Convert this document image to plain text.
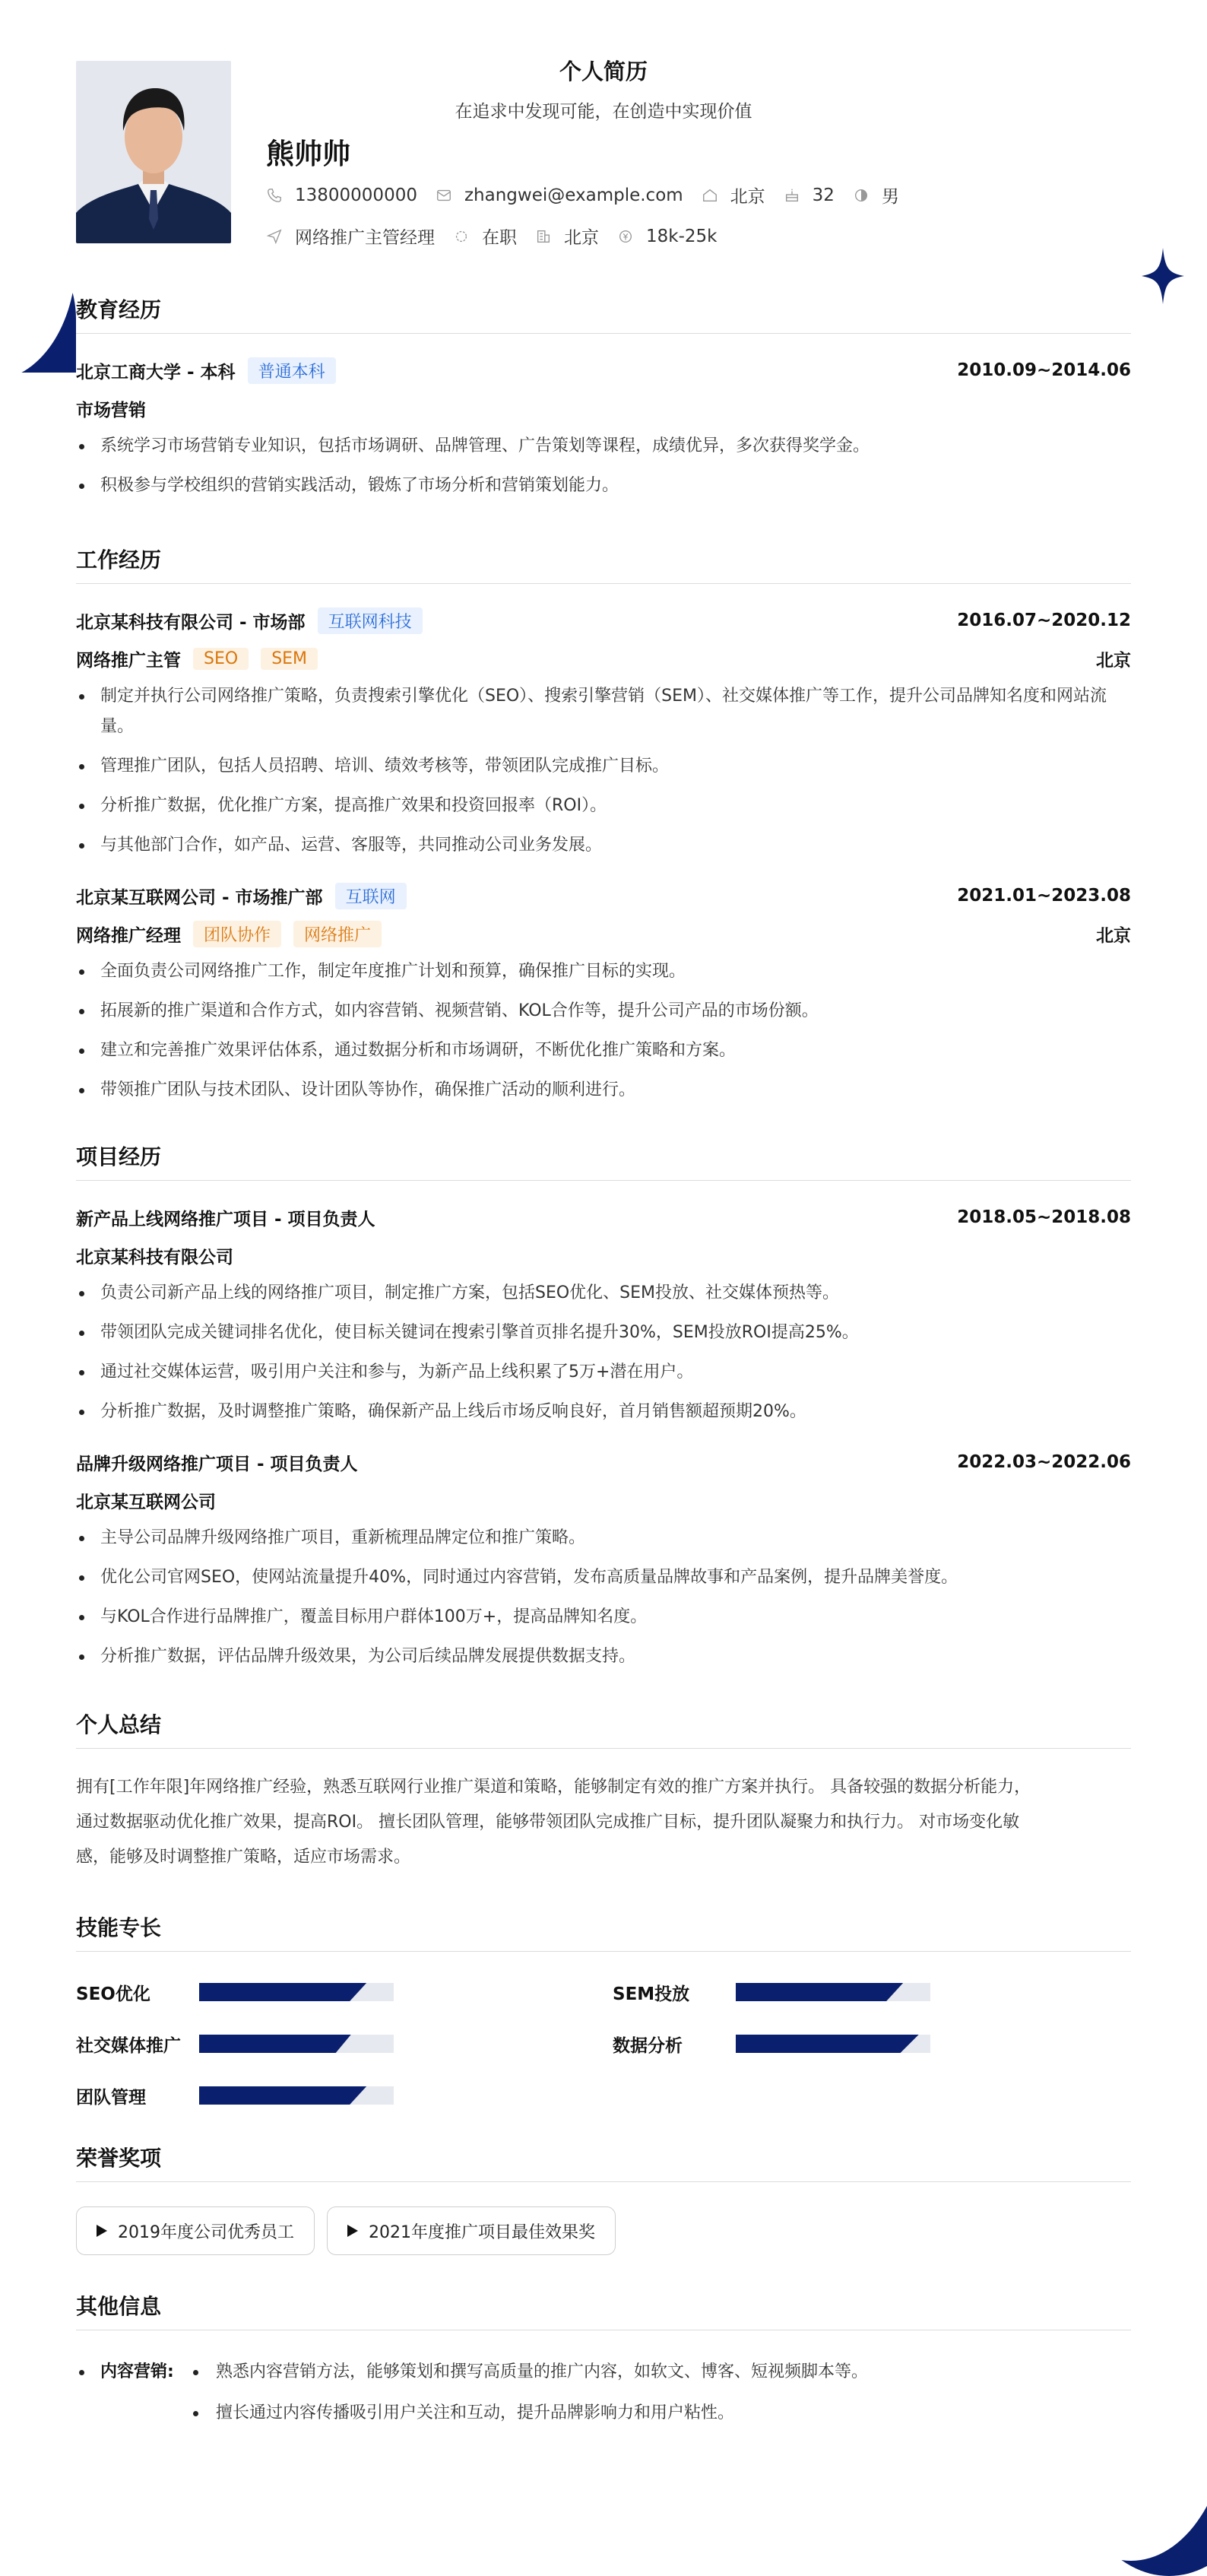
个人简历
在追求中发现可能，在创造中实现价值
熊帅帅
13800000000	zhangwei@example.com	北京	32	男
网络推广主管经理	在职	北京	18k-25k
教育经历
北京工商大学 - 本科	普通本科	2010.09~2014.06
市场营销
系统学习市场营销专业知识，包括市场调研、品牌管理、广告策划等课程，成绩优异，多次获得奖学金。
积极参与学校组织的营销实践活动，锻炼了市场分析和营销策划能力。
工作经历
北京某科技有限公司 - 市场部	互联网科技	2016.07~2020.12
网络推广主管	SEO	SEM	北京
制定并执行公司网络推广策略，负责搜索引擎优化（SEO）、搜索引擎营销（SEM）、社交媒体推广等工作，提升公司品牌知名度和网站流量。
管理推广团队，包括人员招聘、培训、绩效考核等，带领团队完成推广目标。
分析推广数据，优化推广方案，提高推广效果和投资回报率（ROI）。
与其他部门合作，如产品、运营、客服等，共同推动公司业务发展。
北京某互联网公司 - 市场推广部	互联网	2021.01~2023.08
网络推广经理	团队协作	网络推广	北京
全面负责公司网络推广工作，制定年度推广计划和预算，确保推广目标的实现。
拓展新的推广渠道和合作方式，如内容营销、视频营销、KOL合作等，提升公司产品的市场份额。
建立和完善推广效果评估体系，通过数据分析和市场调研，不断优化推广策略和方案。
带领推广团队与技术团队、设计团队等协作，确保推广活动的顺利进行。
项目经历
新产品上线网络推广项目 - 项目负责人	2018.05~2018.08
北京某科技有限公司
负责公司新产品上线的网络推广项目，制定推广方案，包括SEO优化、SEM投放、社交媒体预热等。
带领团队完成关键词排名优化，使目标关键词在搜索引擎首页排名提升30%，SEM投放ROI提高25%。
通过社交媒体运营，吸引用户关注和参与，为新产品上线积累了5万+潜在用户。
分析推广数据，及时调整推广策略，确保新产品上线后市场反响良好，首月销售额超预期20%。
品牌升级网络推广项目 - 项目负责人	2022.03~2022.06
北京某互联网公司
主导公司品牌升级网络推广项目，重新梳理品牌定位和推广策略。
优化公司官网SEO，使网站流量提升40%，同时通过内容营销，发布高质量品牌故事和产品案例，提升品牌美誉度。
与KOL合作进行品牌推广，覆盖目标用户群体100万+，提高品牌知名度。
分析推广数据，评估品牌升级效果，为公司后续品牌发展提供数据支持。
个人总结
拥有[工作年限]年网络推广经验，熟悉互联网行业推广渠道和策略，能够制定有效的推广方案并执行。 具备较强的数据分析能力，
通过数据驱动优化推广效果，提高ROI。 擅长团队管理，能够带领团队完成推广目标，提升团队凝聚力和执行力。 对市场变化敏
感，能够及时调整推广策略，适应市场需求。
技能专长
SEO优化	SEM投放
社交媒体推广	数据分析
团队管理
荣誉奖项
2019年度公司优秀员工	2021年度推广项目最佳效果奖
其他信息
内容营销:	熟悉内容营销方法，能够策划和撰写高质量的推广内容，如软文、博客、短视频脚本等。
擅长通过内容传播吸引用户关注和互动，提升品牌影响力和用户粘性。
